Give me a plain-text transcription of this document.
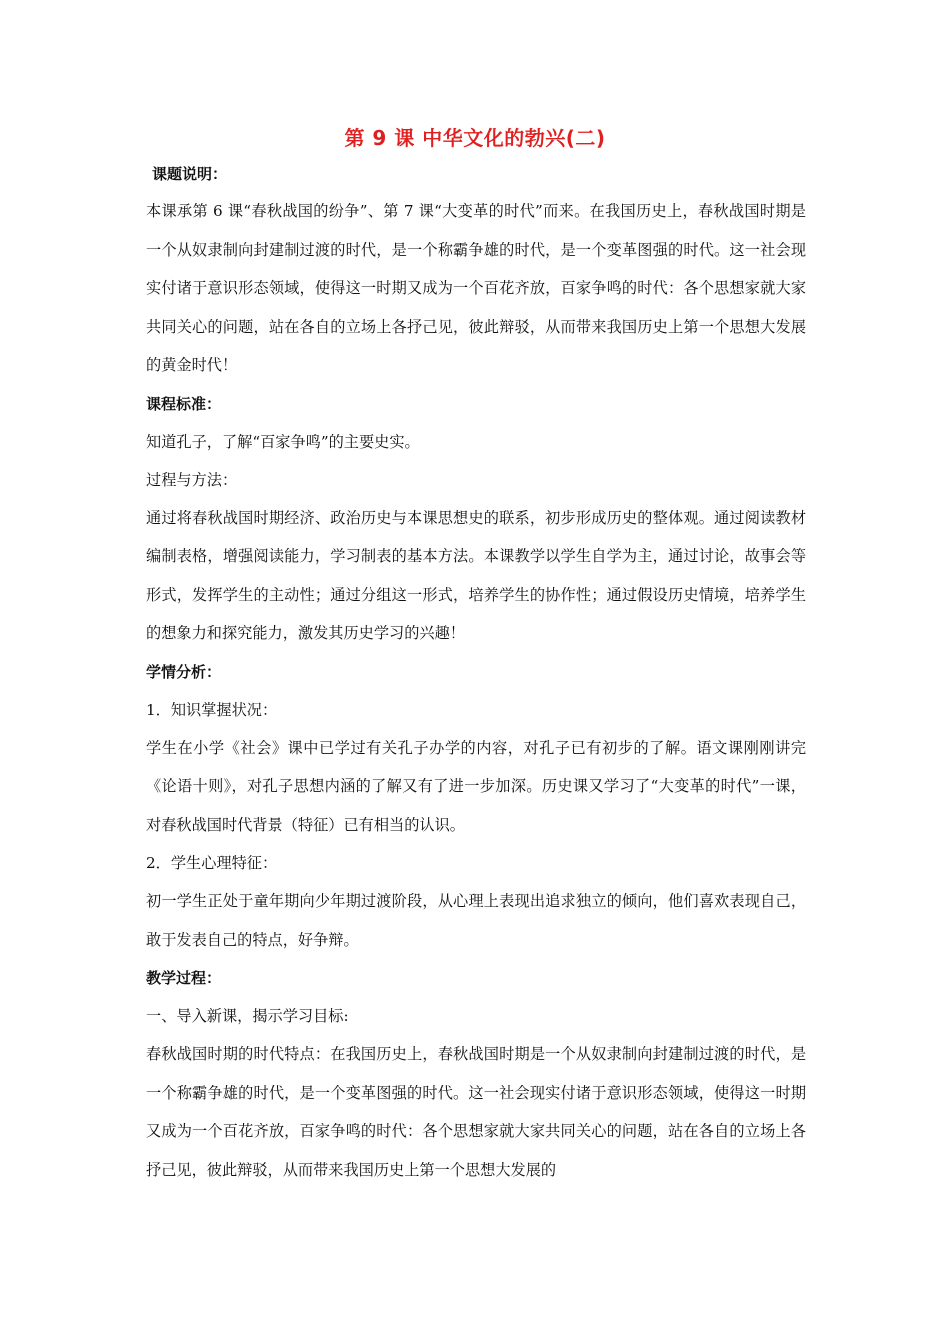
第 9 课 中华文化的勃兴(二)
课题说明：

本课承第 6 课“春秋战国的纷争”、第 7 课“大变革的时代”而来。在我国历史上，春秋战国时期是一个从奴隶制向封建制过渡的时代，是一个称霸争雄的时代，是一个变革图强的时代。这一社会现实付诸于意识形态领域，使得这一时期又成为一个百花齐放，百家争鸣的时代：各个思想家就大家共同关心的问题，站在各自的立场上各抒己见，彼此辩驳，从而带来我国历史上第一个思想大发展的黄金时代！

课程标准：

知道孔子，了解“百家争鸣”的主要史实。

过程与方法：

通过将春秋战国时期经济、政治历史与本课思想史的联系，初步形成历史的整体观。通过阅读教材编制表格，增强阅读能力，学习制表的基本方法。本课教学以学生自学为主，通过讨论，故事会等形式，发挥学生的主动性；通过分组这一形式，培养学生的协作性；通过假设历史情境，培养学生的想象力和探究能力，激发其历史学习的兴趣！

学情分析：

1．知识掌握状况：

学生在小学《社会》课中已学过有关孔子办学的内容，对孔子已有初步的了解。语文课刚刚讲完《论语十则》，对孔子思想内涵的了解又有了进一步加深。历史课又学习了“大变革的时代”一课，对春秋战国时代背景（特征）已有相当的认识。

2．学生心理特征：

初一学生正处于童年期向少年期过渡阶段，从心理上表现出追求独立的倾向，他们喜欢表现自己，敢于发表自己的特点，好争辩。

教学过程：

一、导入新课，揭示学习目标:

春秋战国时期的时代特点：在我国历史上，春秋战国时期是一个从奴隶制向封建制过渡的时代，是一个称霸争雄的时代，是一个变革图强的时代。这一社会现实付诸于意识形态领域，使得这一时期又成为一个百花齐放，百家争鸣的时代：各个思想家就大家共同关心的问题，站在各自的立场上各抒己见，彼此辩驳，从而带来我国历史上第一个思想大发展的
